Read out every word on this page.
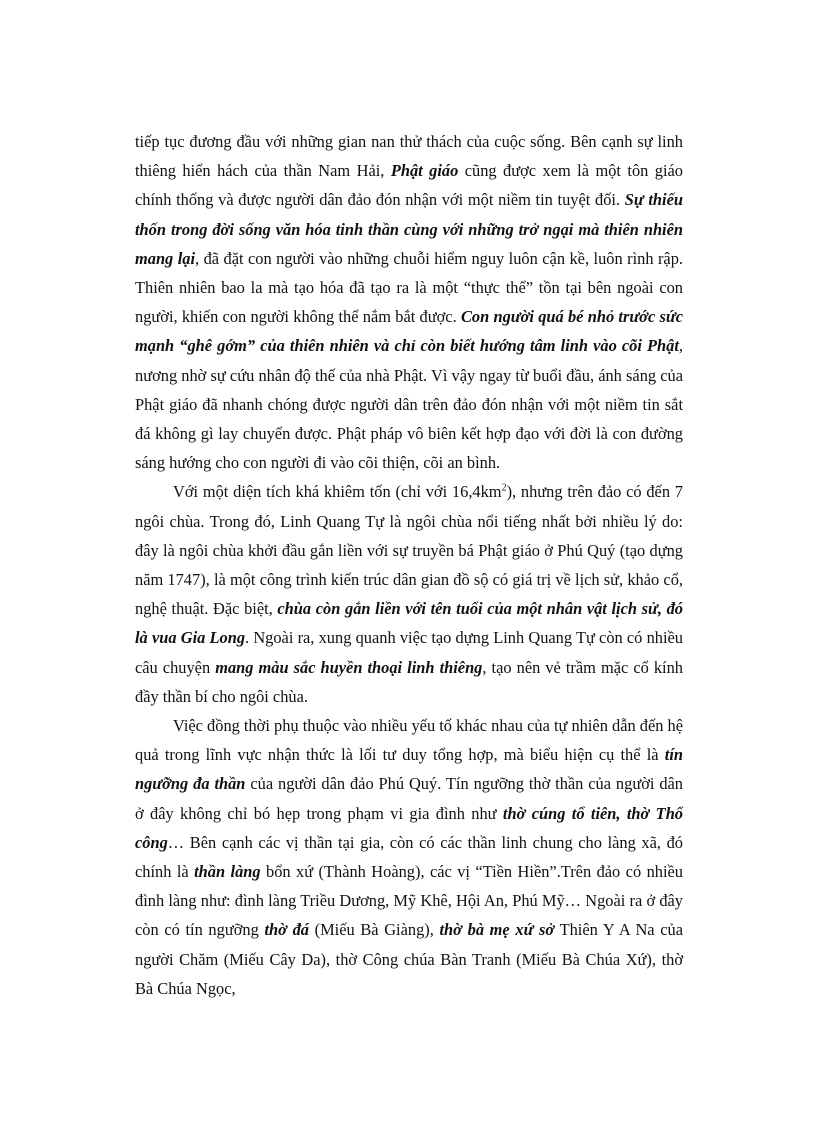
tiếp tục đương đầu với những gian nan thử thách của cuộc sống. Bên cạnh sự linh thiêng hiển hách của thần Nam Hải, Phật giáo cũng được xem là một tôn giáo chính thống và được người dân đảo đón nhận với một niềm tin tuyệt đối. Sự thiếu thốn trong đời sống văn hóa tinh thần cùng với những trở ngại mà thiên nhiên mang lại, đã đặt con người vào những chuỗi hiểm nguy luôn cận kề, luôn rình rập. Thiên nhiên bao la mà tạo hóa đã tạo ra là một “thực thể” tồn tại bên ngoài con người, khiến con người không thể nắm bắt được. Con người quá bé nhỏ trước sức mạnh “ghê gớm” của thiên nhiên và chỉ còn biết hướng tâm linh vào cõi Phật, nương nhờ sự cứu nhân độ thế của nhà Phật. Vì vậy ngay từ buổi đầu, ánh sáng của Phật giáo đã nhanh chóng được người dân trên đảo đón nhận với một niềm tin sắt đá không gì lay chuyển được. Phật pháp vô biên kết hợp đạo với đời là con đường sáng hướng cho con người đi vào cõi thiện, cõi an bình.

Với một diện tích khá khiêm tốn (chỉ với $16,4km^2$), nhưng trên đảo có đến 7 ngôi chùa. Trong đó, Linh Quang Tự là ngôi chùa nổi tiếng nhất bởi nhiều lý do: đây là ngôi chùa khởi đầu gắn liền với sự truyền bá Phật giáo ở Phú Quý (tạo dựng năm 1747), là một công trình kiến trúc dân gian đồ sộ có giá trị về lịch sử, khảo cổ, nghệ thuật. Đặc biệt, chùa còn gắn liền với tên tuổi của một nhân vật lịch sử, đó là vua Gia Long. Ngoài ra, xung quanh việc tạo dựng Linh Quang Tự còn có nhiều câu chuyện mang màu sắc huyền thoại linh thiêng, tạo nên vẻ trầm mặc cổ kính đầy thần bí cho ngôi chùa.

Việc đồng thời phụ thuộc vào nhiều yếu tố khác nhau của tự nhiên dẫn đến hệ quả trong lĩnh vực nhận thức là lối tư duy tổng hợp, mà biểu hiện cụ thể là tín ngưỡng đa thần của người dân đảo Phú Quý. Tín ngưỡng thờ thần của người dân ở đây không chỉ bó hẹp trong phạm vi gia đình như thờ cúng tổ tiên, thờ Thổ công… Bên cạnh các vị thần tại gia, còn có các thần linh chung cho làng xã, đó chính là thần làng bổn xứ (Thành Hoàng), các vị “Tiền Hiền”.Trên đảo có nhiều đình làng như: đình làng Triều Dương, Mỹ Khê, Hội An, Phú Mỹ… Ngoài ra ở đây còn có tín ngưỡng thờ đá (Miếu Bà Giàng), thờ bà mẹ xứ sở Thiên Y A Na của người Chăm (Miếu Cây Da), thờ Công chúa Bàn Tranh (Miếu Bà Chúa Xứ), thờ Bà Chúa Ngọc,
